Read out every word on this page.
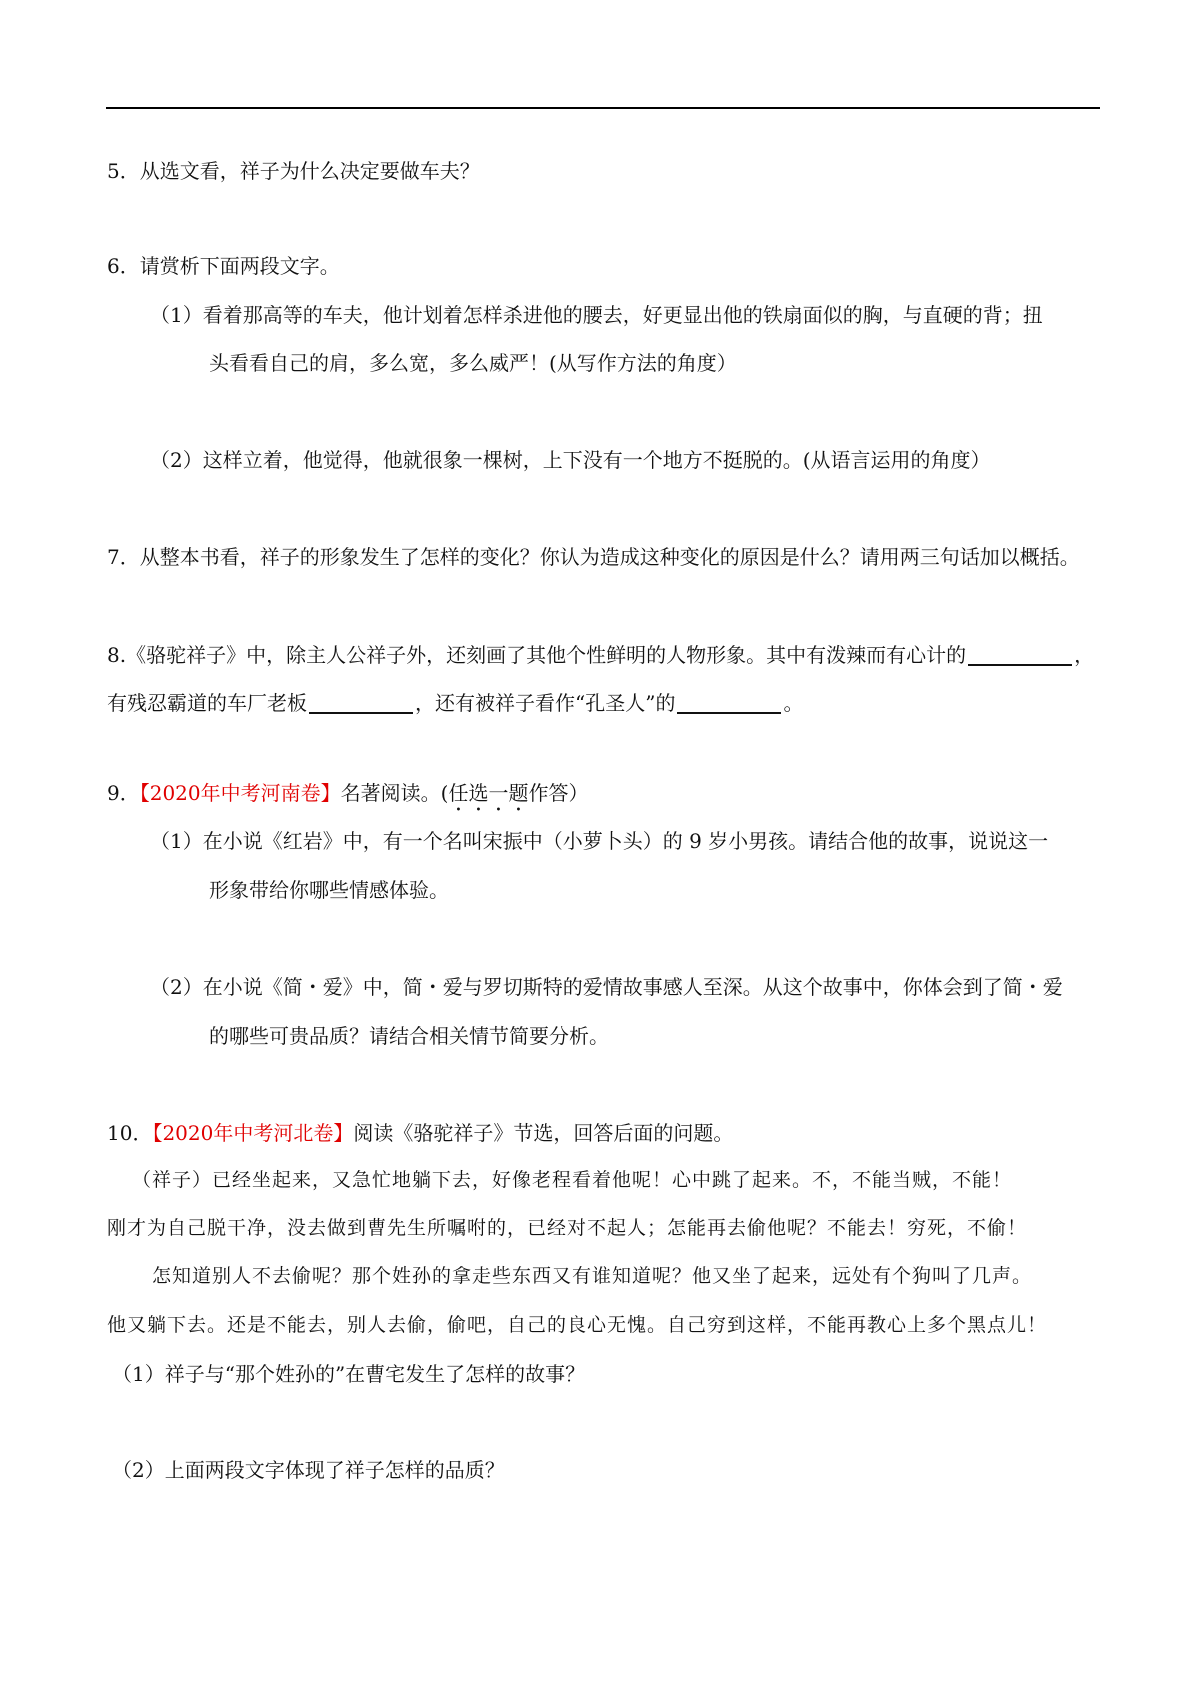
5．从选文看，祥子为什么决定要做车夫？

6．请赏析下面两段文字。

（1）看着那高等的车夫，他计划着怎样杀进他的腰去，好更显出他的铁扇面似的胸，与直硬的背；扭

头看看自己的肩，多么宽，多么威严！(从写作方法的角度）

（2）这样立着，他觉得，他就很象一棵树，上下没有一个地方不挺脱的。(从语言运用的角度）

7．从整本书看，祥子的形象发生了怎样的变化？你认为造成这种变化的原因是什么？请用两三句话加以概括。

8.《骆驼祥子》中，除主人公祥子外，还刻画了其他个性鲜明的人物形象。其中有泼辣而有心计的	，

有残忍霸道的车厂老板	，还有被祥子看作“孔圣人”的	。

9．【2020年中考河南卷】名著阅读。(任选一题作答）

（1）在小说《红岩》中，有一个名叫宋振中（小萝卜头）的 9 岁小男孩。请结合他的故事，说说这一

形象带给你哪些情感体验。

（2）在小说《简・爱》中，简・爱与罗切斯特的爱情故事感人至深。从这个故事中，你体会到了简・爱

的哪些可贵品质？请结合相关情节简要分析。

10．【2020年中考河北卷】阅读《骆驼祥子》节选，回答后面的问题。

（祥子）已经坐起来，又急忙地躺下去，好像老程看着他呢！心中跳了起来。不，不能当贼，不能！

刚才为自己脱干净，没去做到曹先生所嘱咐的，已经对不起人；怎能再去偷他呢？不能去！穷死，不偷！

怎知道别人不去偷呢？那个姓孙的拿走些东西又有谁知道呢？他又坐了起来，远处有个狗叫了几声。

他又躺下去。还是不能去，别人去偷，偷吧，自己的良心无愧。自己穷到这样，不能再教心上多个黑点儿！

（1）祥子与“那个姓孙的”在曹宅发生了怎样的故事？

（2）上面两段文字体现了祥子怎样的品质？
